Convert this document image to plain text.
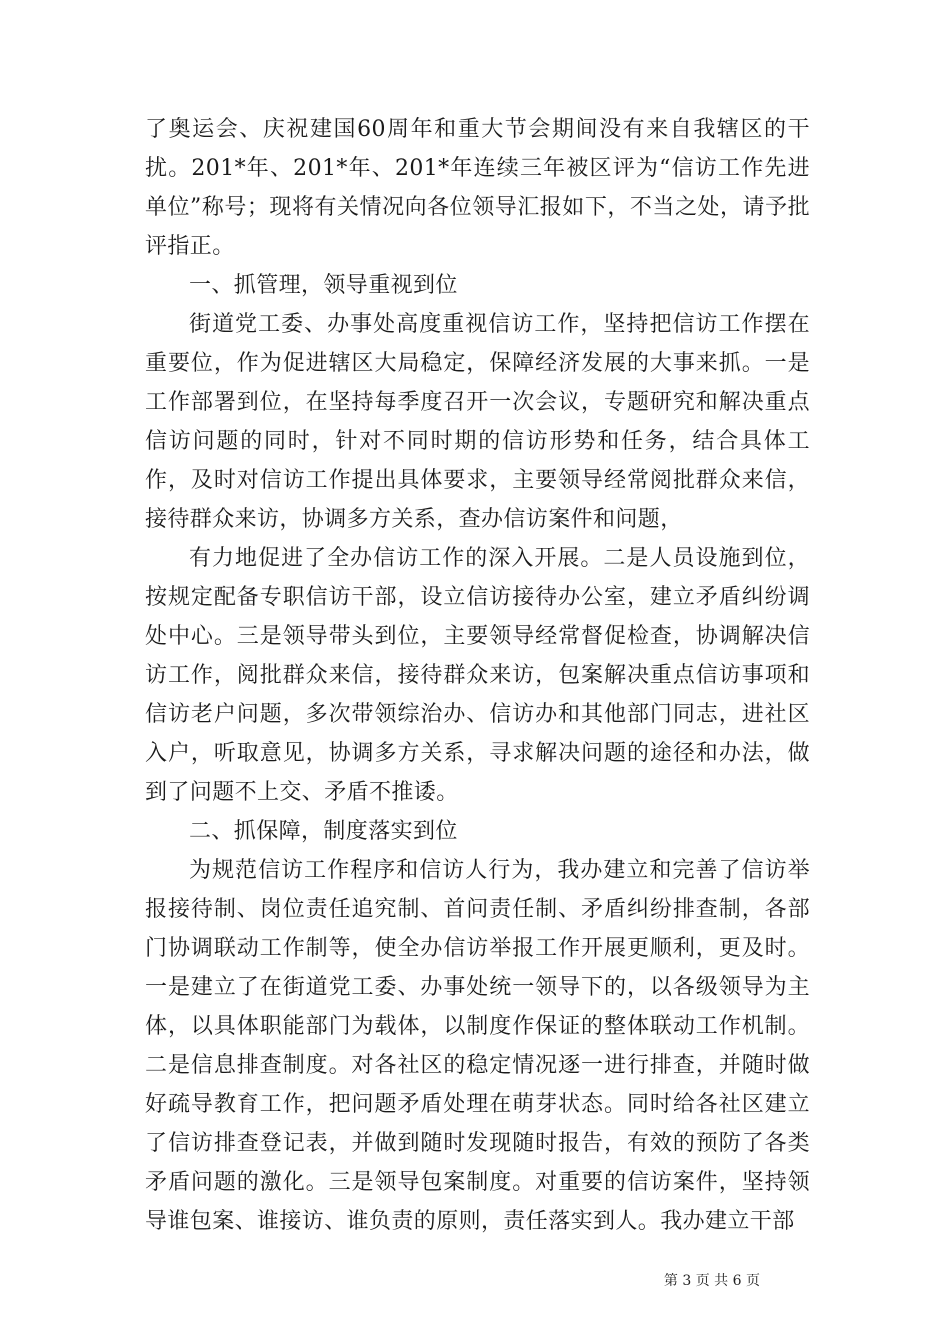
了奥运会、庆祝建国60周年和重大节会期间没有来自我辖区的干扰。201*年、201*年、201*年连续三年被区评为“信访工作先进单位”称号；现将有关情况向各位领导汇报如下，不当之处，请予批评指正。

一、抓管理，领导重视到位

街道党工委、办事处高度重视信访工作，坚持把信访工作摆在重要位，作为促进辖区大局稳定，保障经济发展的大事来抓。一是工作部署到位，在坚持每季度召开一次会议，专题研究和解决重点信访问题的同时，针对不同时期的信访形势和任务，结合具体工作，及时对信访工作提出具体要求，主要领导经常阅批群众来信，接待群众来访，协调多方关系，查办信访案件和问题，

有力地促进了全办信访工作的深入开展。二是人员设施到位，按规定配备专职信访干部，设立信访接待办公室，建立矛盾纠纷调处中心。三是领导带头到位，主要领导经常督促检查，协调解决信访工作，阅批群众来信，接待群众来访，包案解决重点信访事项和信访老户问题，多次带领综治办、信访办和其他部门同志，进社区入户，听取意见，协调多方关系，寻求解决问题的途径和办法，做到了问题不上交、矛盾不推诿。

二、抓保障，制度落实到位

为规范信访工作程序和信访人行为，我办建立和完善了信访举报接待制、岗位责任追究制、首问责任制、矛盾纠纷排查制，各部门协调联动工作制等，使全办信访举报工作开展更顺利，更及时。一是建立了在街道党工委、办事处统一领导下的，以各级领导为主体，以具体职能部门为载体，以制度作保证的整体联动工作机制。二是信息排查制度。对各社区的稳定情况逐一进行排查，并随时做好疏导教育工作，把问题矛盾处理在萌芽状态。同时给各社区建立了信访排查登记表，并做到随时发现随时报告，有效的预防了各类矛盾问题的激化。三是领导包案制度。对重要的信访案件，坚持领导谁包案、谁接访、谁负责的原则，责任落实到人。我办建立干部

第 3 页 共 6 页
